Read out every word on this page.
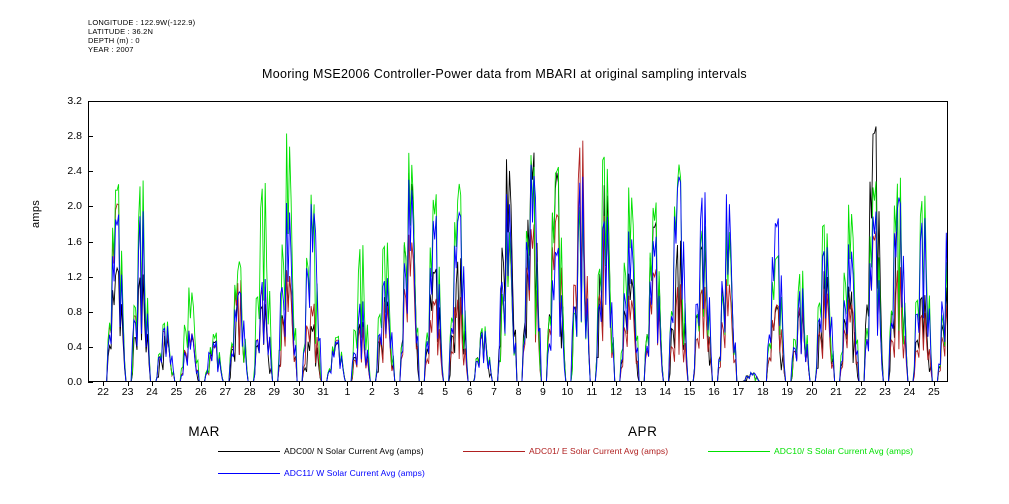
LONGITUDE : 122.9W(-122.9)
LATITUDE : 36.2N
DEPTH (m) : 0
YEAR : 2007
Mooring MSE2006 Controller-Power data from MBARI at original sampling intervals
amps
0.0
0.4
0.8
1.2
1.6
2.0
2.4
2.8
3.2
22 23 24 25 26 27 28 29 30 31 1 2 3 4 5 6 7 8 9 10 11 12 13 14 15 16 17 18 19 20 21 22 23 24 25
MAR	APR
ADC00/ N Solar Current Avg (amps)	ADC01/ E Solar Current Avg (amps)	ADC10/ S Solar Current Avg (amps)
ADC11/ W Solar Current Avg (amps)
